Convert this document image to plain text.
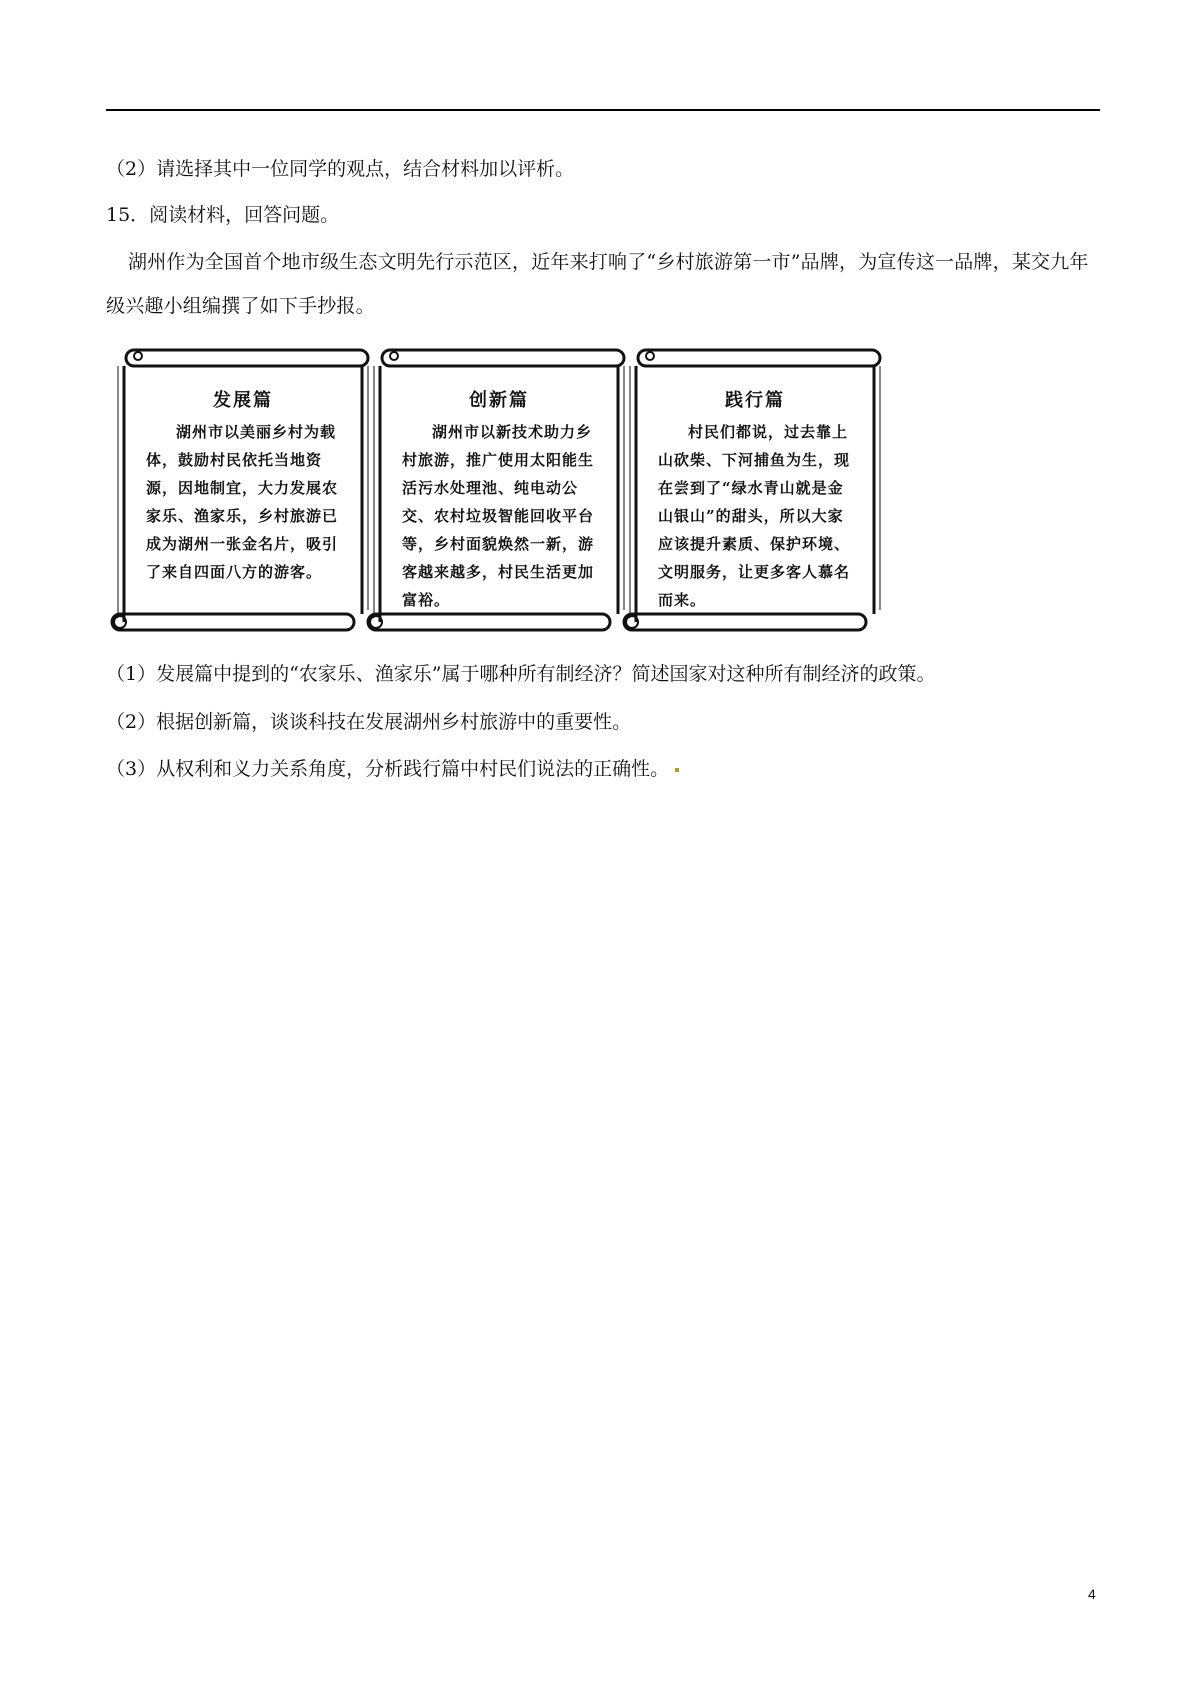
（2）请选择其中一位同学的观点，结合材料加以评析。
15．阅读材料，回答问题。
湖州作为全国首个地市级生态文明先行示范区，近年来打响了“乡村旅游第一市”品牌，为宣传这一品牌，某交九年级兴趣小组编撰了如下手抄报。
发展篇
湖州市以美丽乡村为载体，鼓励村民依托当地资源，因地制宜，大力发展农家乐、渔家乐，乡村旅游已成为湖州一张金名片，吸引了来自四面八方的游客。
创新篇
湖州市以新技术助力乡村旅游，推广使用太阳能生活污水处理池、纯电动公交、农村垃圾智能回收平台等，乡村面貌焕然一新，游客越来越多，村民生活更加富裕。
践行篇
村民们都说，过去靠上山砍柴、下河捕鱼为生，现在尝到了“绿水青山就是金山银山”的甜头，所以大家应该提升素质、保护环境、文明服务，让更多客人慕名而来。
（1）发展篇中提到的“农家乐、渔家乐”属于哪种所有制经济？简述国家对这种所有制经济的政策。
（2）根据创新篇，谈谈科技在发展湖州乡村旅游中的重要性。
（3）从权利和义力关系角度，分析践行篇中村民们说法的正确性。
4
